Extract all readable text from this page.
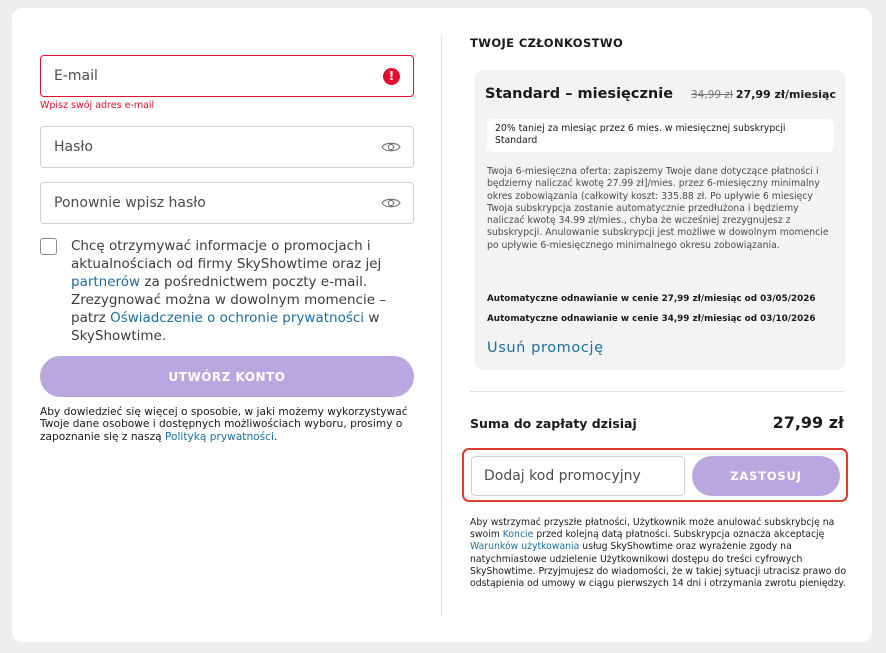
E-mail
!
Wpisz swój adres e-mail
Chcę otrzymywać informacje o promocjach i aktualnościach od firmy SkyShowtime oraz jej partnerów za pośrednictwem poczty e-mail. Zrezygnować można w dowolnym momencie – patrz Oświadczenie o ochronie prywatności w SkyShowtime.
UTWÓRZ KONTO
Aby dowiedzieć się więcej o sposobie, w jaki możemy wykorzystywać Twoje dane osobowe i dostępnych możliwościach wyboru, prosimy o zapoznanie się z naszą Polityką prywatności.
TWOJE CZŁONKOSTWO
Standard – miesięcznie 34,99 zł 27,99 zł/miesiąc
20% taniej za miesiąc przez 6 mies. w miesięcznej subskrypcji Standard
Twoja 6-miesięczna oferta: zapiszemy Twoje dane dotyczące płatności i będziemy naliczać kwotę 27.99 zł]/mies. przez 6-miesięczny minimalny okres zobowiązania (całkowity koszt: 335.88 zł. Po upływie 6 miesięcy Twoja subskrypcja zostanie automatycznie przedłużona i będziemy naliczać kwotę 34.99 zł/mies., chyba że wcześniej zrezygnujesz z subskrypcji. Anulowanie subskrypcji jest możliwe w dowolnym momencie po upływie 6-miesięcznego minimalnego okresu zobowiązania.
Automatyczne odnawianie w cenie 27,99 zł/miesiąc od 03/05/2026
Automatyczne odnawianie w cenie 34,99 zł/miesiąc od 03/10/2026
Usuń promocję
Suma do zapłaty dzisiaj	27,99 zł
Dodaj kod promocyjny
ZASTOSUJ
Aby wstrzymać przyszłe płatności, Użytkownik może anulować subskrybcję na swoim Koncie przed kolejną datą płatności. Subskrypcja oznacza akceptację Warunków użytkowania usług SkyShowtime oraz wyrażenie zgody na natychmiastowe udzielenie Użytkownikowi dostępu do treści cyfrowych SkyShowtime. Przyjmujesz do wiadomości, że w takiej sytuacji utracisz prawo do odstąpienia od umowy w ciągu pierwszych 14 dni i otrzymania zwrotu pieniędzy.
